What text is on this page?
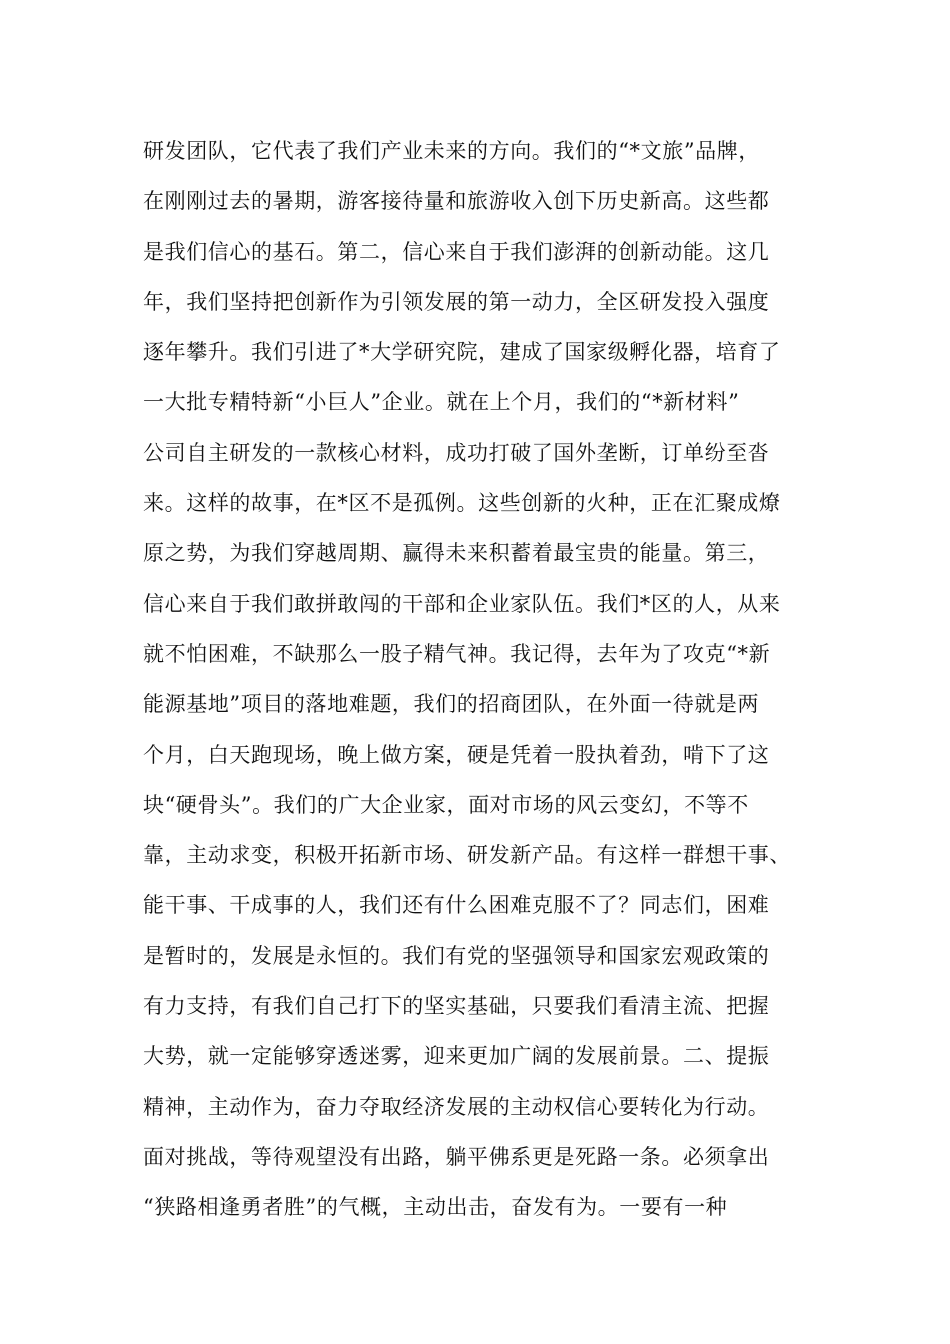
研发团队，它代表了我们产业未来的方向。我们的“*文旅”品牌，
在刚刚过去的暑期，游客接待量和旅游收入创下历史新高。这些都
是我们信心的基石。第二，信心来自于我们澎湃的创新动能。这几
年，我们坚持把创新作为引领发展的第一动力，全区研发投入强度
逐年攀升。我们引进了*大学研究院，建成了国家级孵化器，培育了
一大批专精特新“小巨人”企业。就在上个月，我们的“*新材料”
公司自主研发的一款核心材料，成功打破了国外垄断，订单纷至沓
来。这样的故事，在*区不是孤例。这些创新的火种，正在汇聚成燎
原之势，为我们穿越周期、赢得未来积蓄着最宝贵的能量。第三，
信心来自于我们敢拼敢闯的干部和企业家队伍。我们*区的人，从来
就不怕困难，不缺那么一股子精气神。我记得，去年为了攻克“*新
能源基地”项目的落地难题，我们的招商团队，在外面一待就是两
个月，白天跑现场，晚上做方案，硬是凭着一股执着劲，啃下了这
块“硬骨头”。我们的广大企业家，面对市场的风云变幻，不等不
靠，主动求变，积极开拓新市场、研发新产品。有这样一群想干事、
能干事、干成事的人，我们还有什么困难克服不了？同志们，困难
是暂时的，发展是永恒的。我们有党的坚强领导和国家宏观政策的
有力支持，有我们自己打下的坚实基础，只要我们看清主流、把握
大势，就一定能够穿透迷雾，迎来更加广阔的发展前景。二、提振
精神，主动作为，奋力夺取经济发展的主动权信心要转化为行动。
面对挑战，等待观望没有出路，躺平佛系更是死路一条。必须拿出
“狭路相逢勇者胜”的气概，主动出击，奋发有为。一要有一种
